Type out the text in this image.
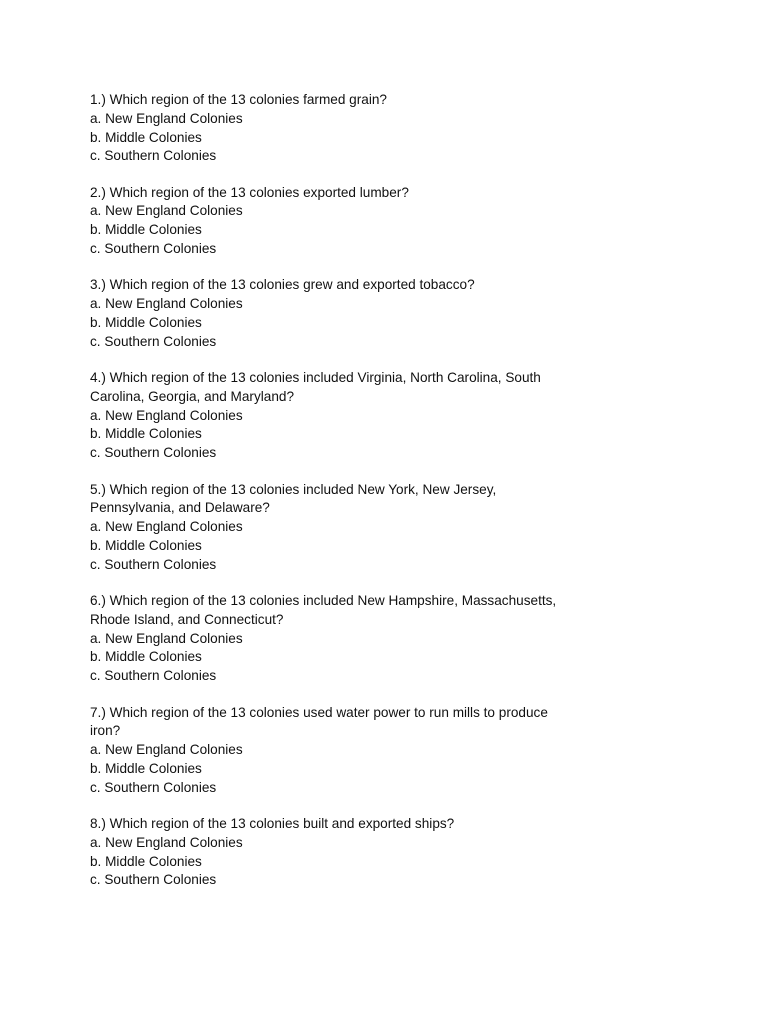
1.) Which region of the 13 colonies farmed grain?

a. New England Colonies

b. Middle Colonies

c. Southern Colonies

2.) Which region of the 13 colonies exported lumber?

a. New England Colonies

b. Middle Colonies

c. Southern Colonies

3.) Which region of the 13 colonies grew and exported tobacco?

a. New England Colonies

b. Middle Colonies

c. Southern Colonies

4.) Which region of the 13 colonies included Virginia, North Carolina, South Carolina, Georgia, and Maryland?

a. New England Colonies

b. Middle Colonies

c. Southern Colonies

5.) Which region of the 13 colonies included New York, New Jersey, Pennsylvania, and Delaware?

a. New England Colonies

b. Middle Colonies

c. Southern Colonies

6.) Which region of the 13 colonies included New Hampshire, Massachusetts, Rhode Island, and Connecticut?

a. New England Colonies

b. Middle Colonies

c. Southern Colonies

7.) Which region of the 13 colonies used water power to run mills to produce iron?

a. New England Colonies

b. Middle Colonies

c. Southern Colonies

8.) Which region of the 13 colonies built and exported ships?

a. New England Colonies

b. Middle Colonies

c. Southern Colonies
